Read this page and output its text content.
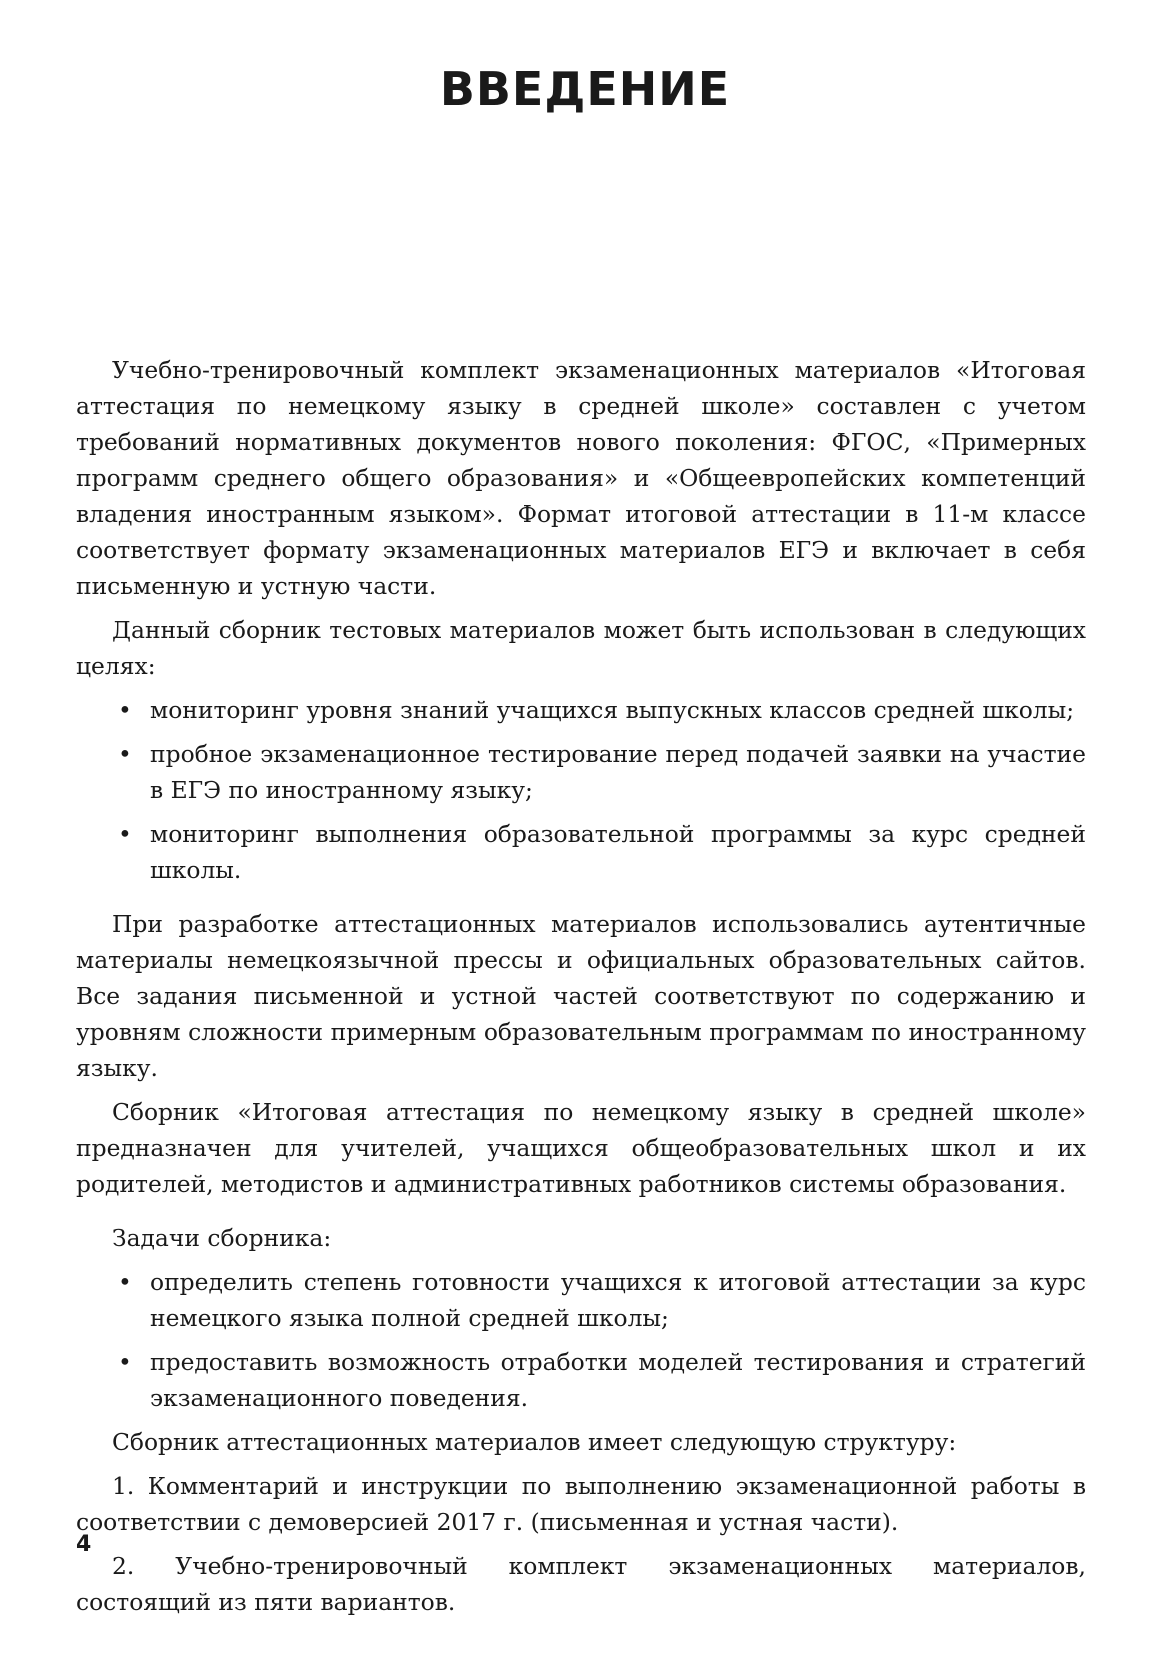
ВВЕДЕНИЕ

Учебно-тренировочный комплект экзаменационных материалов «Итоговая аттестация по немецкому языку в средней школе» составлен с учетом требований нормативных документов нового поколения: ФГОС, «Примерных программ среднего общего образования» и «Общеевропейских компетенций владения иностранным языком». Формат итоговой аттестации в 11-м классе соответствует формату экзаменационных материалов ЕГЭ и включает в себя письменную и устную части.

Данный сборник тестовых материалов может быть использован в следующих целях:

• мониторинг уровня знаний учащихся выпускных классов средней школы;
• пробное экзаменационное тестирование перед подачей заявки на участие в ЕГЭ по иностранному языку;
• мониторинг выполнения образовательной программы за курс средней школы.

При разработке аттестационных материалов использовались аутентичные материалы немецкоязычной прессы и официальных образовательных сайтов. Все задания письменной и устной частей соответствуют по содержанию и уровням сложности примерным образовательным программам по иностранному языку.

Сборник «Итоговая аттестация по немецкому языку в средней школе» предназначен для учителей, учащихся общеобразовательных школ и их родителей, методистов и административных работников системы образования.

Задачи сборника:

• определить степень готовности учащихся к итоговой аттестации за курс немецкого языка полной средней школы;
• предоставить возможность отработки моделей тестирования и стратегий экзаменационного поведения.

Сборник аттестационных материалов имеет следующую структуру:

1. Комментарий и инструкции по выполнению экзаменационной работы в соответствии с демоверсией 2017 г. (письменная и устная части).

2. Учебно-тренировочный комплект экзаменационных материалов, состоящий из пяти вариантов.

4
